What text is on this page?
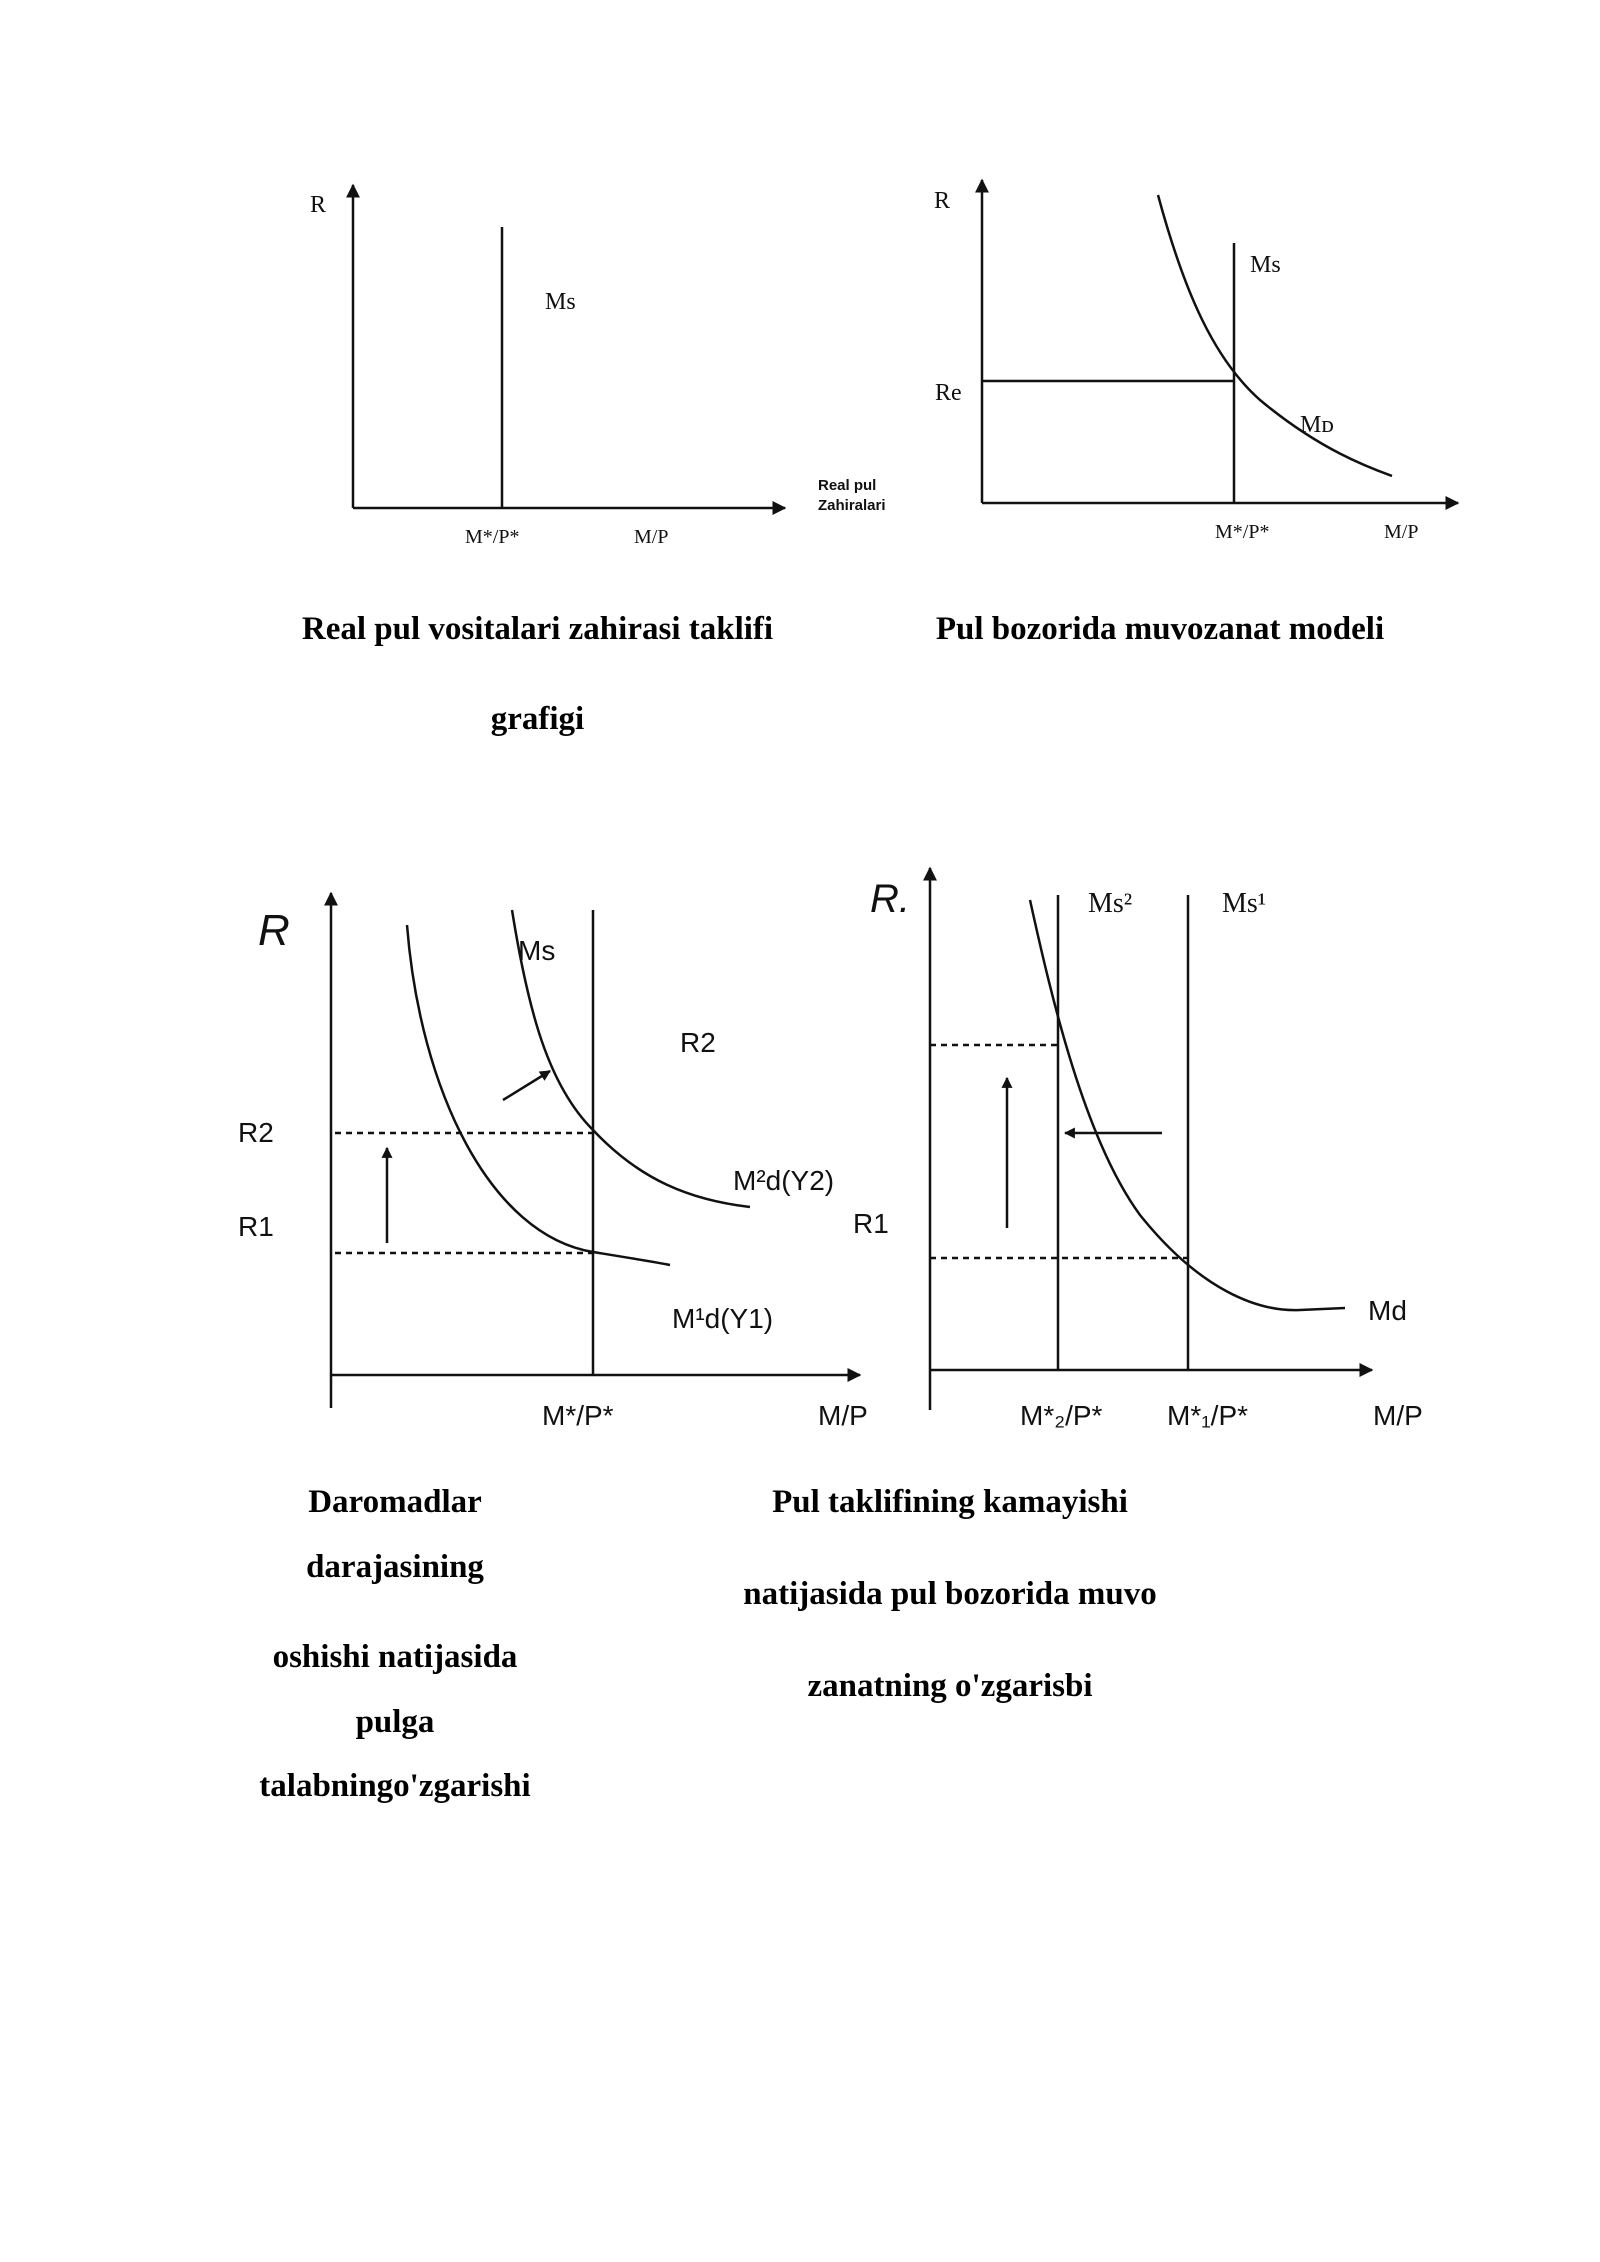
R
Ms
M*/P*	M/P
Real pul
Zahiralari
R
Ms
Re
Mᴅ
M*/P*	M/P
R	Ms
R2
R2
R1
M²d(Y2)
M¹d(Y1)
M*/P*	M/P
R.	Ms²	Ms¹
R1
Md
M*₂/P* M*₁/P*	M/P
Real pul vositalari zahirasi taklifi
grafigi
Pul bozorida muvozanat modeli
Daromadlar
darajasining
oshishi natijasida
pulga
talabningo'zgarishi
Pul taklifining kamayishi
natijasida pul bozorida muvo
zanatning o'zgarisbi
